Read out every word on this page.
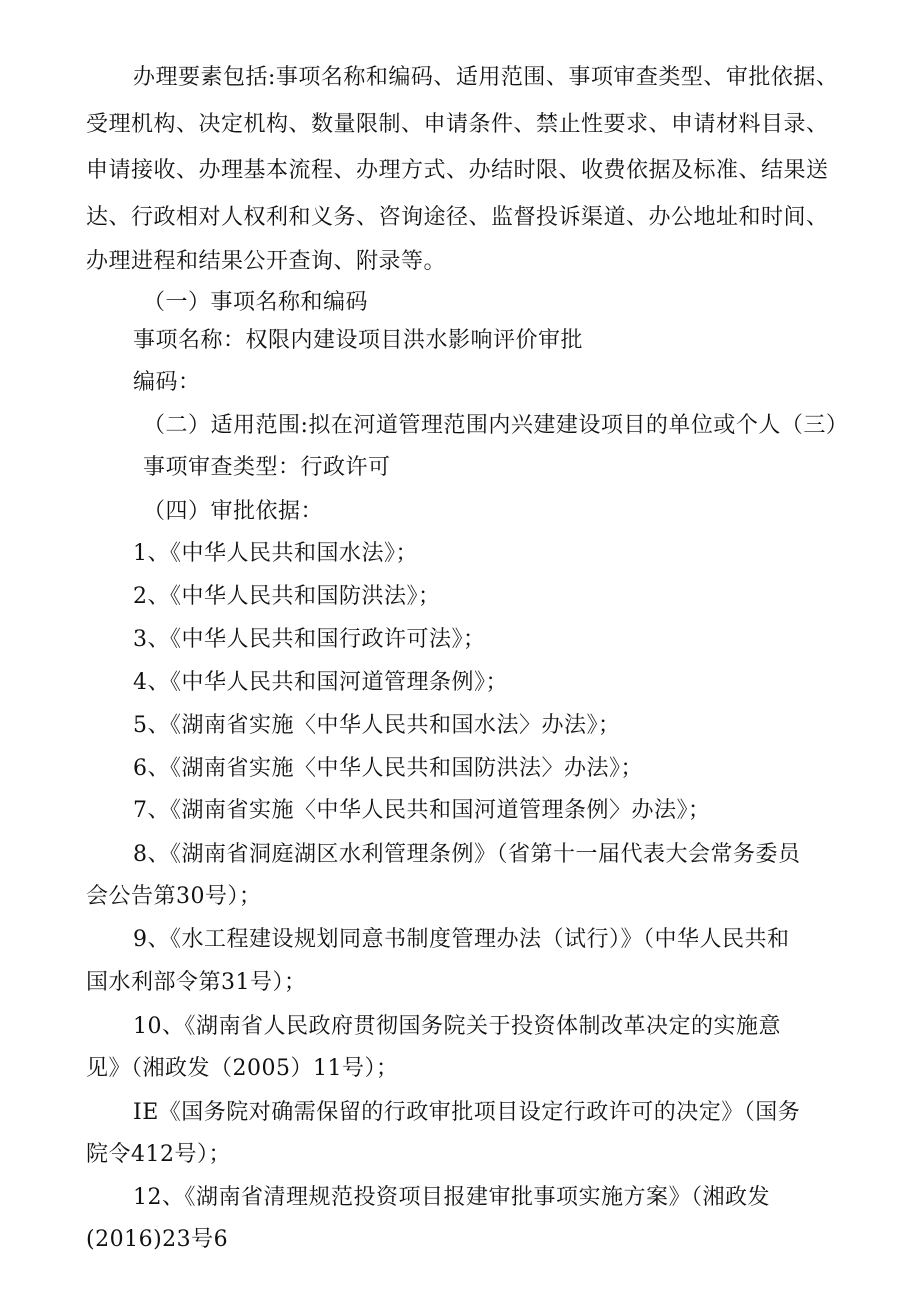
办理要素包括:事项名称和编码、适用范围、事项审查类型、审批依据、
受理机构、决定机构、数量限制、申请条件、禁止性要求、申请材料目录、
申请接收、办理基本流程、办理方式、办结时限、收费依据及标准、结果送
达、行政相对人权利和义务、咨询途径、监督投诉渠道、办公地址和时间、
办理进程和结果公开查询、附录等。
（一）事项名称和编码
事项名称：权限内建设项目洪水影响评价审批
编码：
（二）适用范围:拟在河道管理范围内兴建建设项目的单位或个人（三）
事项审查类型：行政许可
（四）审批依据：
1、《中华人民共和国水法》；
2、《中华人民共和国防洪法》；
3、《中华人民共和国行政许可法》；
4、《中华人民共和国河道管理条例》；
5、《湖南省实施〈中华人民共和国水法〉办法》；
6、《湖南省实施〈中华人民共和国防洪法〉办法》；
7、《湖南省实施〈中华人民共和国河道管理条例〉办法》；
8、《湖南省洞庭湖区水利管理条例》（省第十一届代表大会常务委员
会公告第30号）；
9、《水工程建设规划同意书制度管理办法（试行）》（中华人民共和
国水利部令第31号）；
10、《湖南省人民政府贯彻国务院关于投资体制改革决定的实施意
见》（湘政发（2005）11号）；
IE《国务院对确需保留的行政审批项目设定行政许可的决定》（国务
院令412号）；
12、《湖南省清理规范投资项目报建审批事项实施方案》（湘政发
(2016)23号6
